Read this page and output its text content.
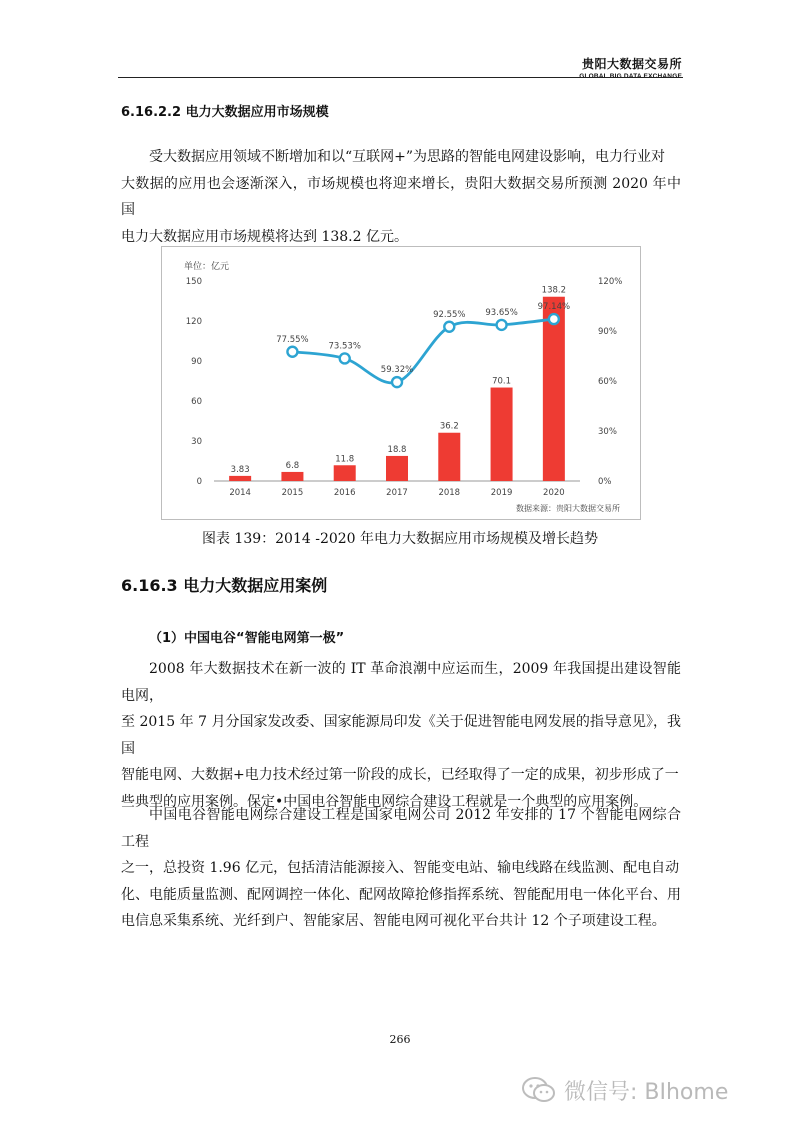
贵阳大数据交易所
GLOBAL BIG DATA EXCHANGE
6.16.2.2 电力大数据应用市场规模

受大数据应用领域不断增加和以“互联网+”为思路的智能电网建设影响，电力行业对

大数据的应用也会逐渐深入，市场规模也将迎来增长，贵阳大数据交易所预测 2020 年中国

电力大数据应用市场规模将达到 138.2 亿元。

单位：亿元
0
30
60
90
120
150
0%
30%
60%
90%
120%
3.83	6.8
11.8
18.8
36.2
70.1
138.2
2014	2015	2016	2017	2018	2019	2020
77.55%
73.53%
59.32%
92.55% 93.65%
97.14%
数据来源：贵阳大数据交易所
图表 139：2014 -2020 年电力大数据应用市场规模及增长趋势
6.16.3 电力大数据应用案例
（1）中国电谷“智能电网第一极”

2008 年大数据技术在新一波的 IT 革命浪潮中应运而生，2009 年我国提出建设智能电网，

至 2015 年 7 月分国家发改委、国家能源局印发《关于促进智能电网发展的指导意见》，我国

智能电网、大数据+电力技术经过第一阶段的成长，已经取得了一定的成果，初步形成了一

些典型的应用案例。保定•中国电谷智能电网综合建设工程就是一个典型的应用案例。

中国电谷智能电网综合建设工程是国家电网公司 2012 年安排的 17 个智能电网综合工程

之一，总投资 1.96 亿元，包括清洁能源接入、智能变电站、输电线路在线监测、配电自动

化、电能质量监测、配网调控一体化、配网故障抢修指挥系统、智能配用电一体化平台、用

电信息采集系统、光纤到户、智能家居、智能电网可视化平台共计 12 个子项建设工程。

266
微信号: BIhome
